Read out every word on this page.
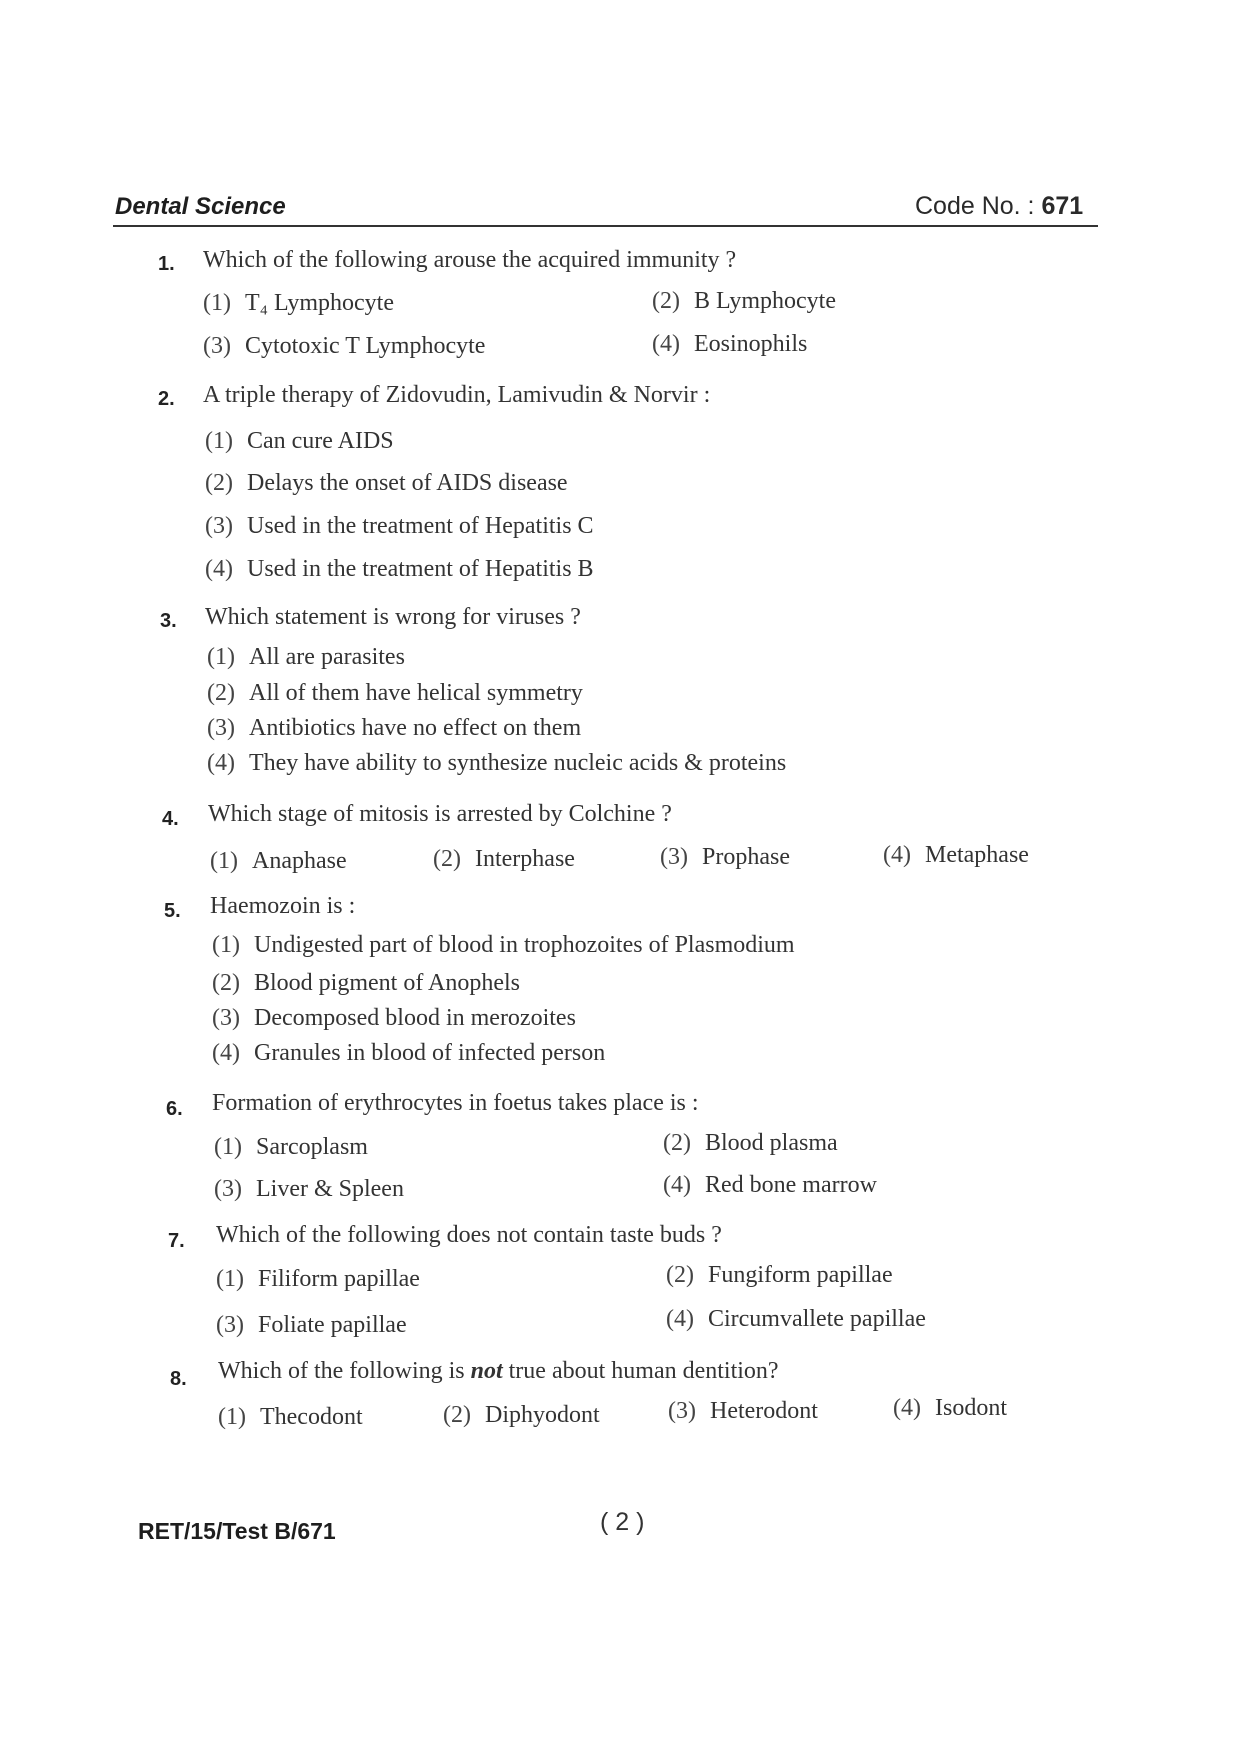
Dental Science	Code No. : 671
1. Which of the following arouse the acquired immunity ?
(1) T₄ Lymphocyte	(2) B Lymphocyte
(3) Cytotoxic T Lymphocyte	(4) Eosinophils
2. A triple therapy of Zidovudin, Lamivudin & Norvir :
(1) Can cure AIDS
(2) Delays the onset of AIDS disease
(3) Used in the treatment of Hepatitis C
(4) Used in the treatment of Hepatitis B
3. Which statement is wrong for viruses ?
(1) All are parasites
(2) All of them have helical symmetry
(3) Antibiotics have no effect on them
(4) They have ability to synthesize nucleic acids & proteins
4. Which stage of mitosis is arrested by Colchine ?
(1) Anaphase	(2) Interphase	(3) Prophase	(4) Metaphase
5. Haemozoin is :
(1) Undigested part of blood in trophozoites of Plasmodium
(2) Blood pigment of Anophels
(3) Decomposed blood in merozoites
(4) Granules in blood of infected person
6. Formation of erythrocytes in foetus takes place is :
(1) Sarcoplasm	(2) Blood plasma
(3) Liver & Spleen	(4) Red bone marrow
7. Which of the following does not contain taste buds ?
(1) Filiform papillae	(2) Fungiform papillae
(3) Foliate papillae	(4) Circumvallete papillae
8. Which of the following is not true about human dentition?
(1) Thecodont	(2) Diphyodont	(3) Heterodont	(4) Isodont
RET/15/Test B/671	( 2 )
